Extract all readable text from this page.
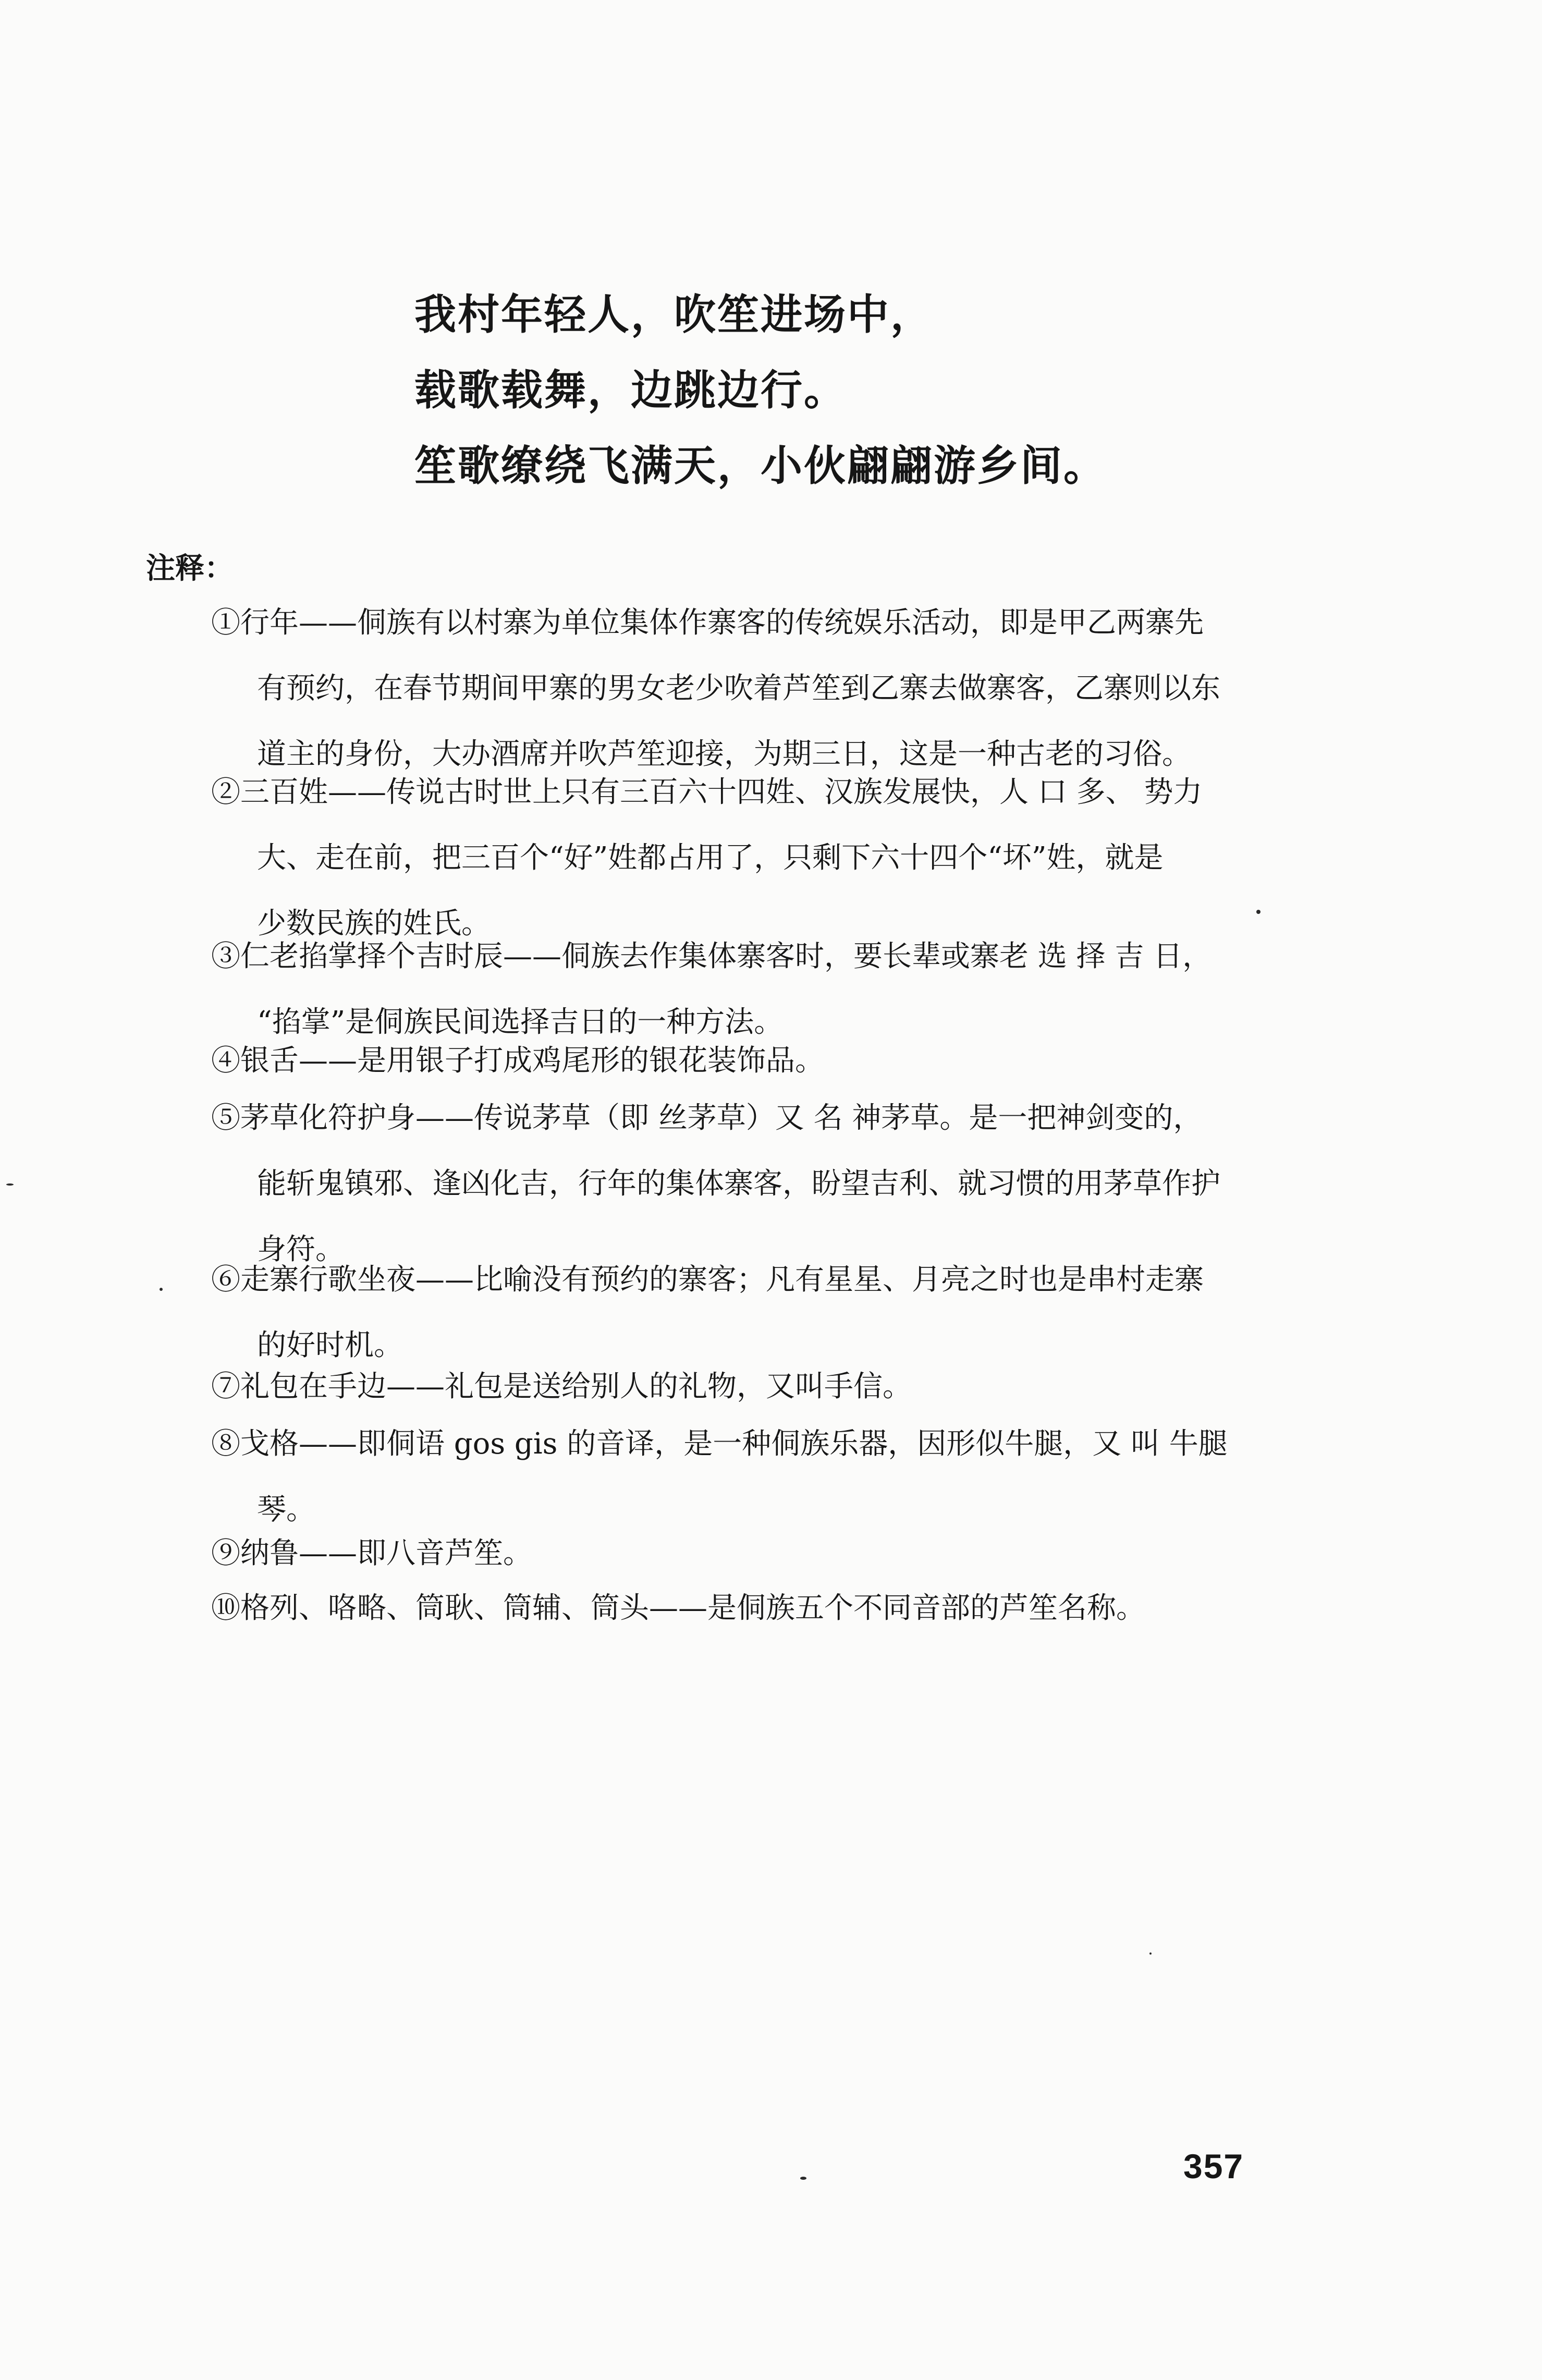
我村年轻人，吹笙进场中，
载歌载舞，边跳边行。
笙歌缭绕飞满天，小伙翩翩游乡间。
注释：
①行年——侗族有以村寨为单位集体作寨客的传统娱乐活动，即是甲乙两寨先
有预约，在春节期间甲寨的男女老少吹着芦笙到乙寨去做寨客，乙寨则以东
道主的身份，大办酒席并吹芦笙迎接，为期三日，这是一种古老的习俗。
②三百姓——传说古时世上只有三百六十四姓、汉族发展快，人 口 多、 势力
大、走在前，把三百个“好”姓都占用了，只剩下六十四个“坏”姓，就是
少数民族的姓氏。
③仁老掐掌择个吉时辰——侗族去作集体寨客时，要长辈或寨老 选 择 吉 日，
“掐掌”是侗族民间选择吉日的一种方法。
④银舌——是用银子打成鸡尾形的银花装饰品。
⑤茅草化符护身——传说茅草（即 丝茅草）又 名 神茅草。是一把神剑变的，
能斩鬼镇邪、逢凶化吉，行年的集体寨客，盼望吉利、就习惯的用茅草作护
身符。
⑥走寨行歌坐夜——比喻没有预约的寨客；凡有星星、月亮之时也是串村走寨
的好时机。
⑦礼包在手边——礼包是送给别人的礼物，又叫手信。
⑧戈格——即侗语 gos gis 的音译，是一种侗族乐器，因形似牛腿，又 叫 牛腿
琴。
⑨纳鲁——即八音芦笙。
⑩格列、咯略、筒耿、筒辅、筒头——是侗族五个不同音部的芦笙名称。
357
